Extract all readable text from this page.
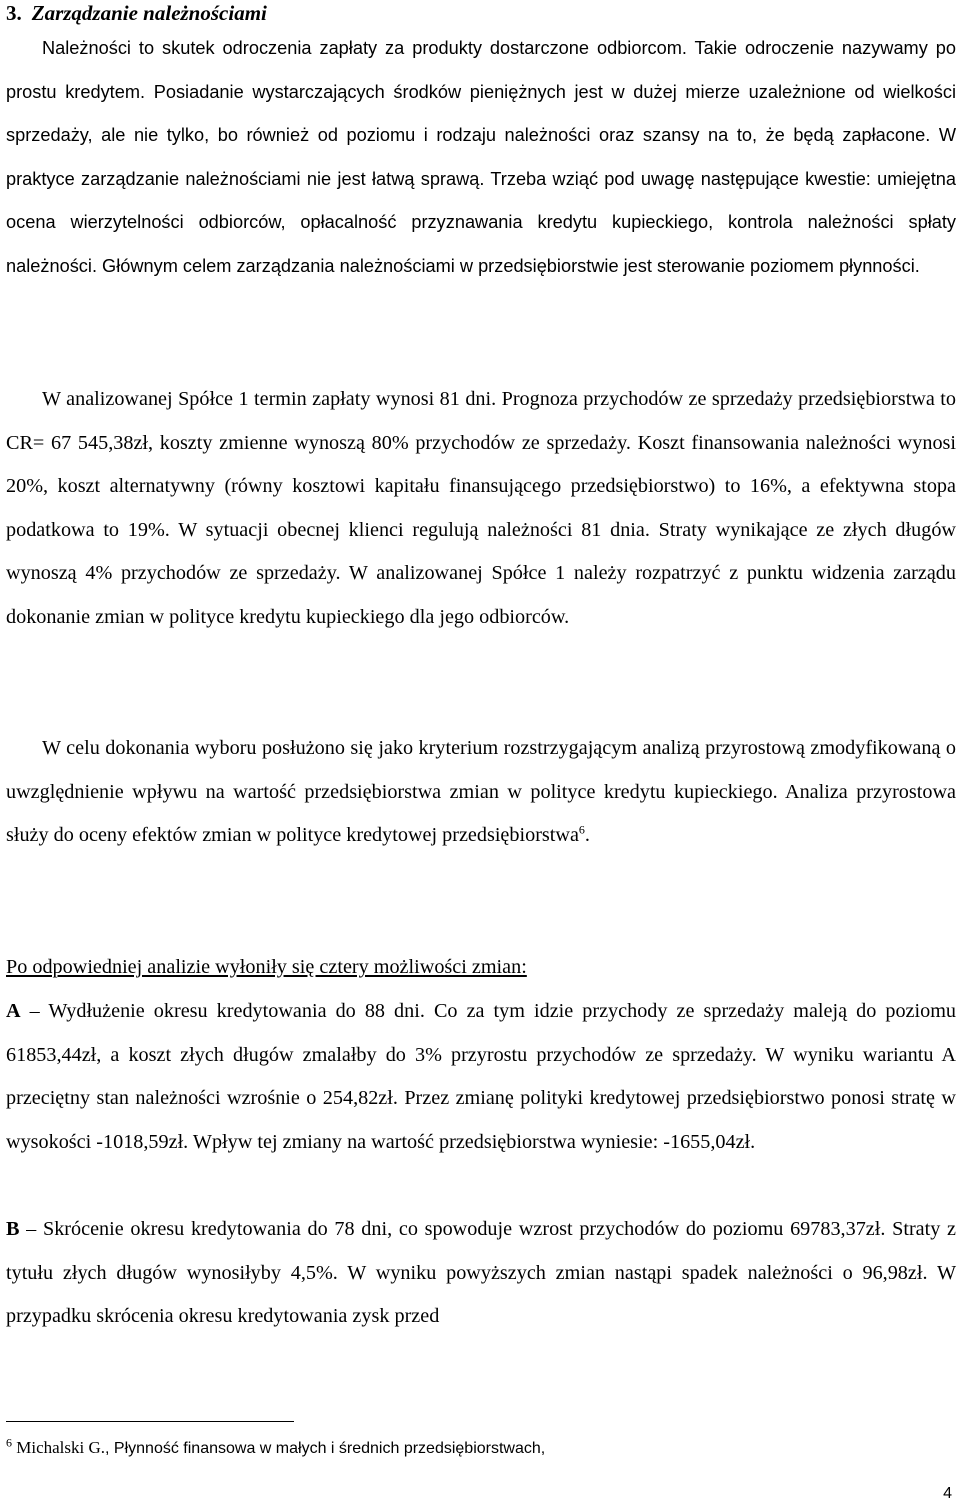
3. Zarządzanie należnościami

Należności to skutek odroczenia zapłaty za produkty dostarczone odbiorcom. Takie odroczenie nazywamy po prostu kredytem. Posiadanie wystarczających środków pieniężnych jest w dużej mierze uzależnione od wielkości sprzedaży, ale nie tylko, bo również od poziomu i rodzaju należności oraz szansy na to, że będą zapłacone. W praktyce zarządzanie należnościami nie jest łatwą sprawą. Trzeba wziąć pod uwagę następujące kwestie: umiejętna ocena wierzytelności odbiorców, opłacalność przyznawania kredytu kupieckiego, kontrola należności spłaty należności. Głównym celem zarządzania należnościami w przedsiębiorstwie jest sterowanie poziomem płynności.

W analizowanej Spółce 1 termin zapłaty wynosi 81 dni. Prognoza przychodów ze sprzedaży przedsiębiorstwa to CR= 67 545,38zł, koszty zmienne wynoszą 80% przychodów ze sprzedaży. Koszt finansowania należności wynosi 20%, koszt alternatywny (równy kosztowi kapitału finansującego przedsiębiorstwo) to 16%, a efektywna stopa podatkowa to 19%. W sytuacji obecnej klienci regulują należności 81 dnia. Straty wynikające ze złych długów wynoszą 4% przychodów ze sprzedaży. W analizowanej Spółce 1 należy rozpatrzyć z punktu widzenia zarządu dokonanie zmian w polityce kredytu kupieckiego dla jego odbiorców.

W celu dokonania wyboru posłużono się jako kryterium rozstrzygającym analizą przyrostową zmodyfikowaną o uwzględnienie wpływu na wartość przedsiębiorstwa zmian w polityce kredytu kupieckiego. Analiza przyrostowa służy do oceny efektów zmian w polityce kredytowej przedsiębiorstwa$^6$.

Po odpowiedniej analizie wyłoniły się cztery możliwości zmian:

A – Wydłużenie okresu kredytowania do 88 dni. Co za tym idzie przychody ze sprzedaży maleją do poziomu 61853,44zł, a koszt złych długów zmalałby do 3% przyrostu przychodów ze sprzedaży. W wyniku wariantu A przeciętny stan należności wzrośnie o 254,82zł. Przez zmianę polityki kredytowej przedsiębiorstwo ponosi stratę w wysokości -1018,59zł. Wpływ tej zmiany na wartość przedsiębiorstwa wyniesie: -1655,04zł.

B – Skrócenie okresu kredytowania do 78 dni, co spowoduje wzrost przychodów do poziomu 69783,37zł. Straty z tytułu złych długów wynosiłyby 4,5%. W wyniku powyższych zmian nastąpi spadek należności o 96,98zł. W przypadku skrócenia okresu kredytowania zysk przed

$^6$ Michalski G., Płynność finansowa w małych i średnich przedsiębiorstwach,

4
